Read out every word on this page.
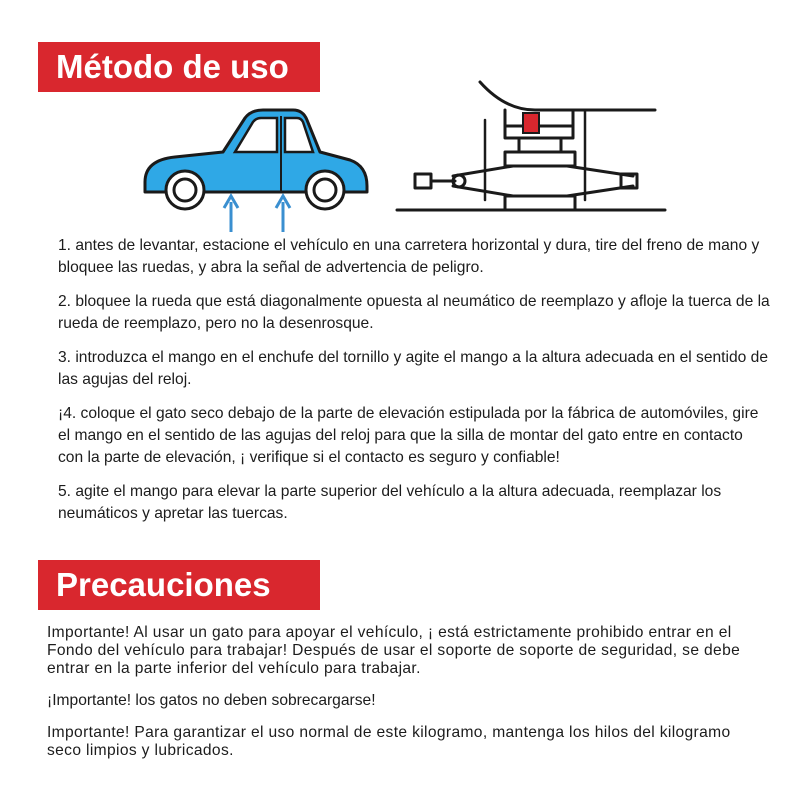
Método de uso

1. antes de levantar, estacione el vehículo en una carretera horizontal y dura, tire del freno de mano y bloquee las ruedas, y abra la señal de advertencia de peligro.

2. bloquee la rueda que está diagonalmente opuesta al neumático de reemplazo y afloje la tuerca de la rueda de reemplazo, pero no la desenrosque.

3. introduzca el mango en el enchufe del tornillo y agite el mango a la altura adecuada en el sentido de las agujas del reloj.

¡4. coloque el gato seco debajo de la parte de elevación estipulada por la fábrica de automóviles, gire el mango en el sentido de las agujas del reloj para que la silla de montar del gato entre en contacto con la parte de elevación, ¡ verifique si el contacto es seguro y confiable!

5. agite el mango para elevar la parte superior del vehículo a la altura adecuada, reemplazar los neumáticos y apretar las tuercas.

Precauciones

Importante! Al usar un gato para apoyar el vehículo, ¡ está estrictamente prohibido entrar en el Fondo del vehículo para trabajar! Después de usar el soporte de soporte de seguridad, se debe entrar en la parte inferior del vehículo para trabajar.

¡Importante! los gatos no deben sobrecargarse!

Importante! Para garantizar el uso normal de este kilogramo, mantenga los hilos del kilogramo seco limpios y lubricados.
